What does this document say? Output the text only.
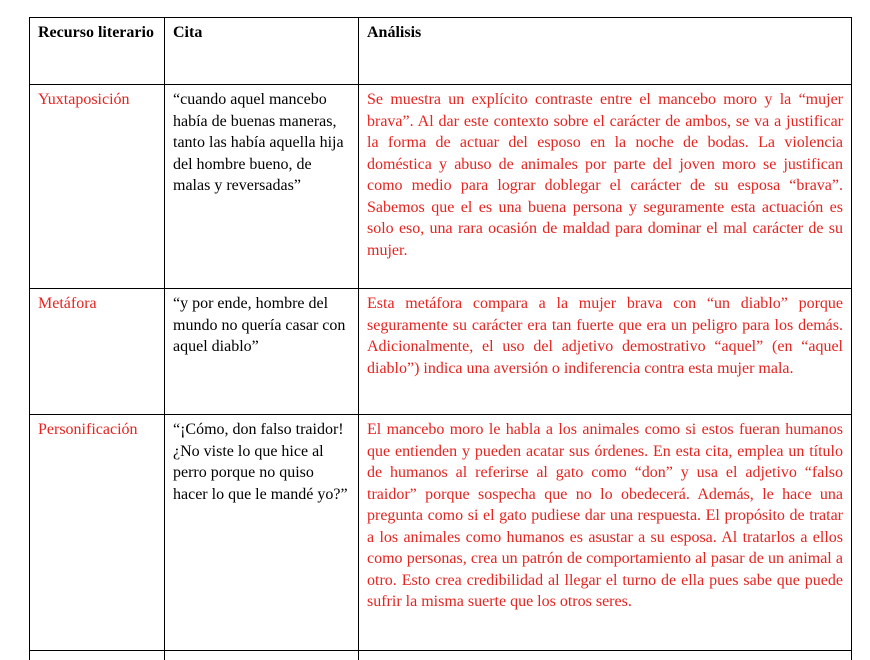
Recurso literario	Cita	Análisis
Yuxtaposición	“cuando aquel mancebo había de buenas maneras, tanto las había aquella hija del hombre bueno, de malas y reversadas”	Se muestra un explícito contraste entre el mancebo moro y la “mujer brava”. Al dar este contexto sobre el carácter de ambos, se va a justificar la forma de actuar del esposo en la noche de bodas. La violencia doméstica y abuso de animales por parte del joven moro se justifican como medio para lograr doblegar el carácter de su esposa “brava”. Sabemos que el es una buena persona y seguramente esta actuación es solo eso, una rara ocasión de maldad para dominar el mal carácter de su mujer.
Metáfora	“y por ende, hombre del mundo no quería casar con aquel diablo”	Esta metáfora compara a la mujer brava con “un diablo” porque seguramente su carácter era tan fuerte que era un peligro para los demás. Adicionalmente, el uso del adjetivo demostrativo “aquel” (en “aquel diablo”) indica una aversión o indiferencia contra esta mujer mala.
Personificación	“¡Cómo, don falso traidor! ¿No viste lo que hice al perro porque no quiso hacer lo que le mandé yo?”	El mancebo moro le habla a los animales como si estos fueran humanos que entienden y pueden acatar sus órdenes. En esta cita, emplea un título de humanos al referirse al gato como “don” y usa el adjetivo “falso traidor” porque sospecha que no lo obedecerá. Además, le hace una pregunta como si el gato pudiese dar una respuesta. El propósito de tratar a los animales como humanos es asustar a su esposa. Al tratarlos a ellos como personas, crea un patrón de comportamiento al pasar de un animal a otro. Esto crea credibilidad al llegar el turno de ella pues sabe que puede sufrir la misma suerte que los otros seres.
